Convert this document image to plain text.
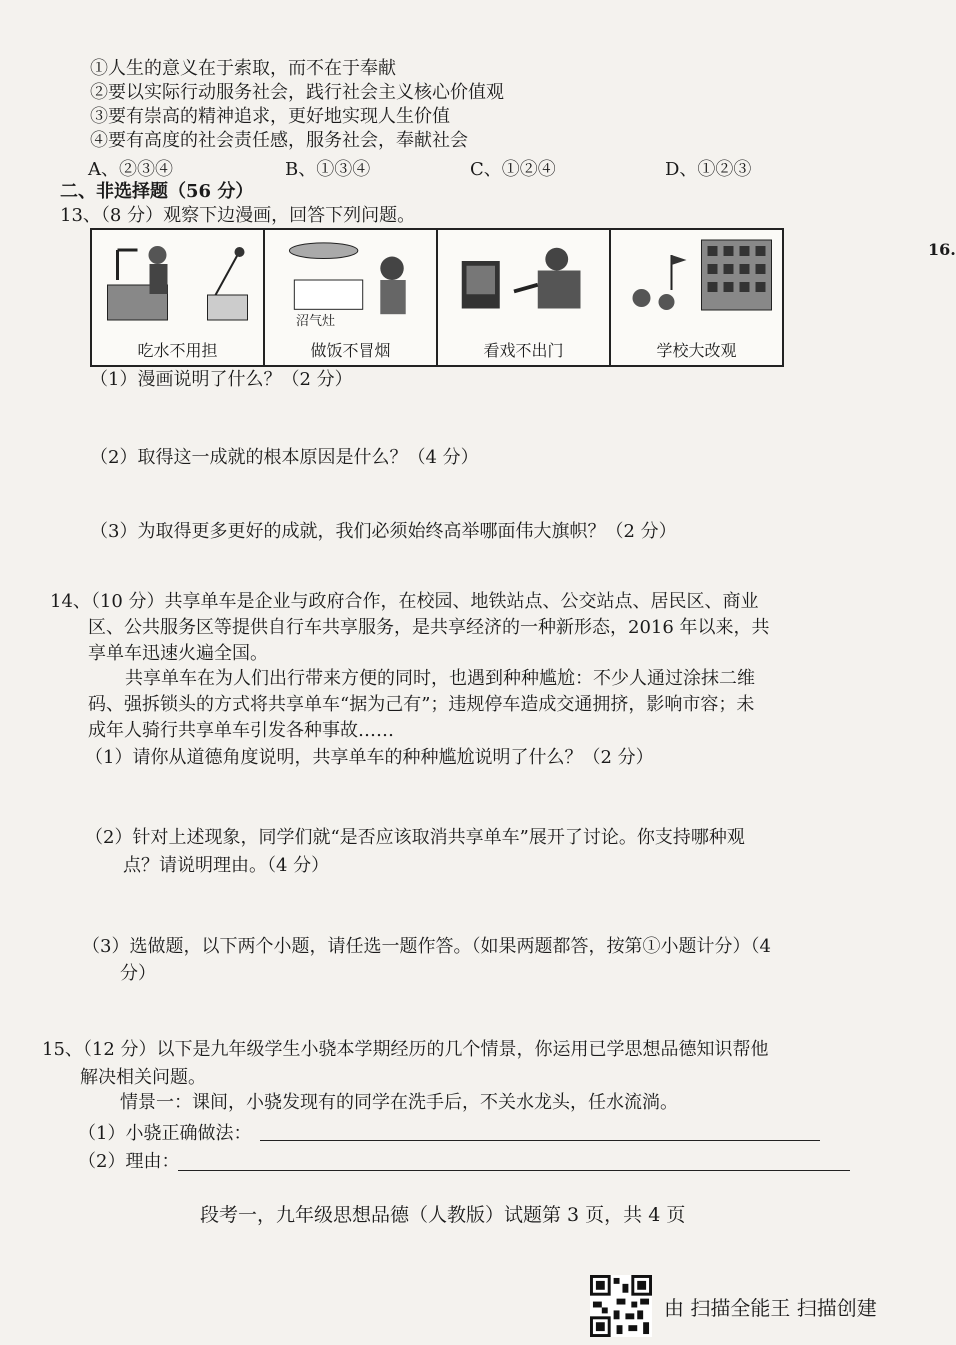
①人生的意义在于索取，而不在于奉献
②要以实际行动服务社会，践行社会主义核心价值观
③要有崇高的精神追求，更好地实现人生价值
④要有高度的社会责任感，服务社会，奉献社会
A、②③④	B、①③④	C、①②④	D、①②③
二、非选择题（56 分）
13、（8 分）观察下边漫画，回答下列问题。
16.
吃水不用担
沼气灶
做饭不冒烟	看戏不出门	学校大改观
（1）漫画说明了什么？（2 分）
（2）取得这一成就的根本原因是什么？（4 分）
（3）为取得更多更好的成就，我们必须始终高举哪面伟大旗帜？（2 分）
14、（10 分）共享单车是企业与政府合作，在校园、地铁站点、公交站点、居民区、商业
区、公共服务区等提供自行车共享服务，是共享经济的一种新形态，2016 年以来，共
享单车迅速火遍全国。
共享单车在为人们出行带来方便的同时，也遇到种种尴尬：不少人通过涂抹二维
码、强拆锁头的方式将共享单车“据为己有”；违规停车造成交通拥挤，影响市容；未
成年人骑行共享单车引发各种事故……
（1）请你从道德角度说明，共享单车的种种尴尬说明了什么？（2 分）
（2）针对上述现象，同学们就“是否应该取消共享单车”展开了讨论。你支持哪种观
点？请说明理由。（4 分）
（3）选做题，以下两个小题，请任选一题作答。（如果两题都答，按第①小题计分）（4
分）
15、（12 分）以下是九年级学生小骁本学期经历的几个情景，你运用已学思想品德知识帮他
解决相关问题。
情景一：课间，小骁发现有的同学在洗手后，不关水龙头，任水流淌。
（1）小骁正确做法：
（2）理由：
段考一，九年级思想品德（人教版）试题第 3 页，共 4 页
由 扫描全能王 扫描创建
